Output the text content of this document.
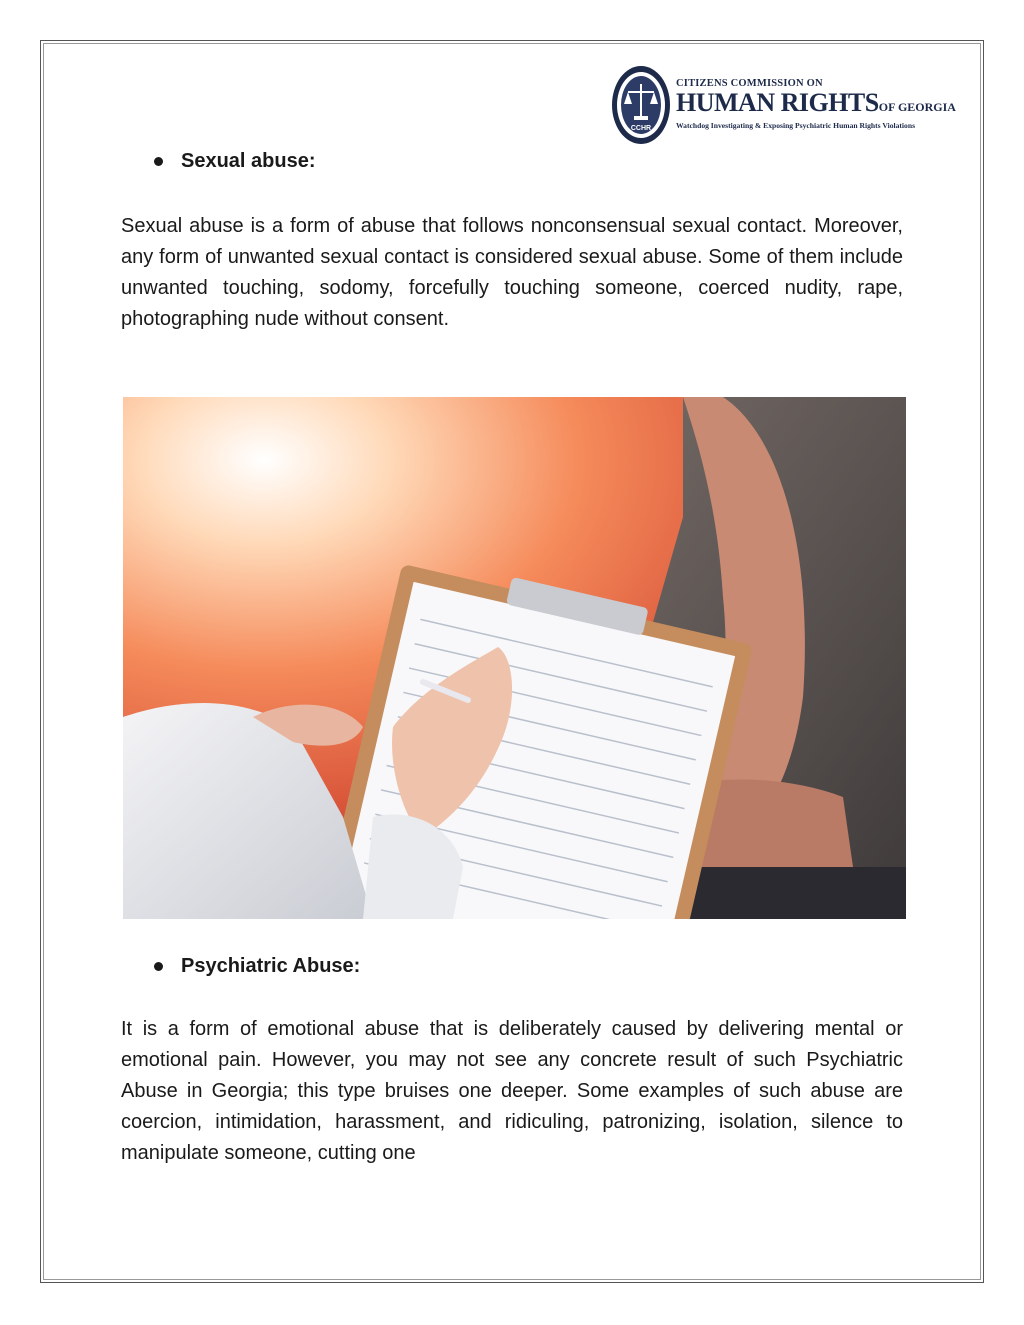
CCHR
CITIZENS COMMISSION ON
HUMAN RIGHTSOF GEORGIA
Watchdog Investigating & Exposing Psychiatric Human Rights Violations
Sexual abuse:

Sexual abuse is a form of abuse that follows nonconsensual sexual contact. Moreover, any form of unwanted sexual contact is considered sexual abuse. Some of them include unwanted touching, sodomy, forcefully touching someone, coerced nudity, rape, photographing nude without consent.

Psychiatric Abuse:

It is a form of emotional abuse that is deliberately caused by delivering mental or emotional pain. However, you may not see any concrete result of such Psychiatric Abuse in Georgia; this type bruises one deeper. Some examples of such abuse are coercion, intimidation, harassment, and ridiculing, patronizing, isolation, silence to manipulate someone, cutting one
